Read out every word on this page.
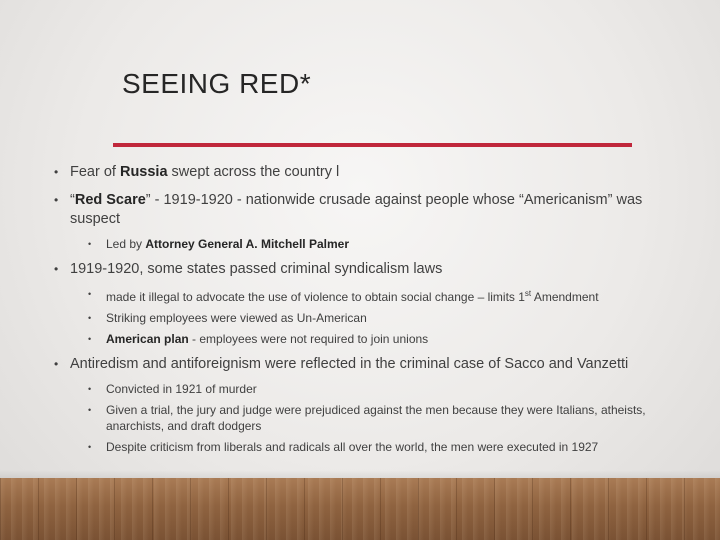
SEEING RED*
• Fear of Russia swept across the country l
• “Red Scare” - 1919-1920 - nationwide crusade against people whose “Americanism” was suspect
• Led by Attorney General A. Mitchell Palmer
• 1919-1920, some states passed criminal syndicalism laws
• made it illegal to advocate the use of violence to obtain social change – limits 1st Amendment
• Striking employees were viewed as Un-American
• American plan - employees were not required to join unions
• Antiredism and antiforeignism were reflected in the criminal case of Sacco and Vanzetti
• Convicted in 1921 of murder
• Given a trial, the jury and judge were prejudiced against the men because they were Italians, atheists, anarchists, and draft dodgers
• Despite criticism from liberals and radicals all over the world, the men were executed in 1927
